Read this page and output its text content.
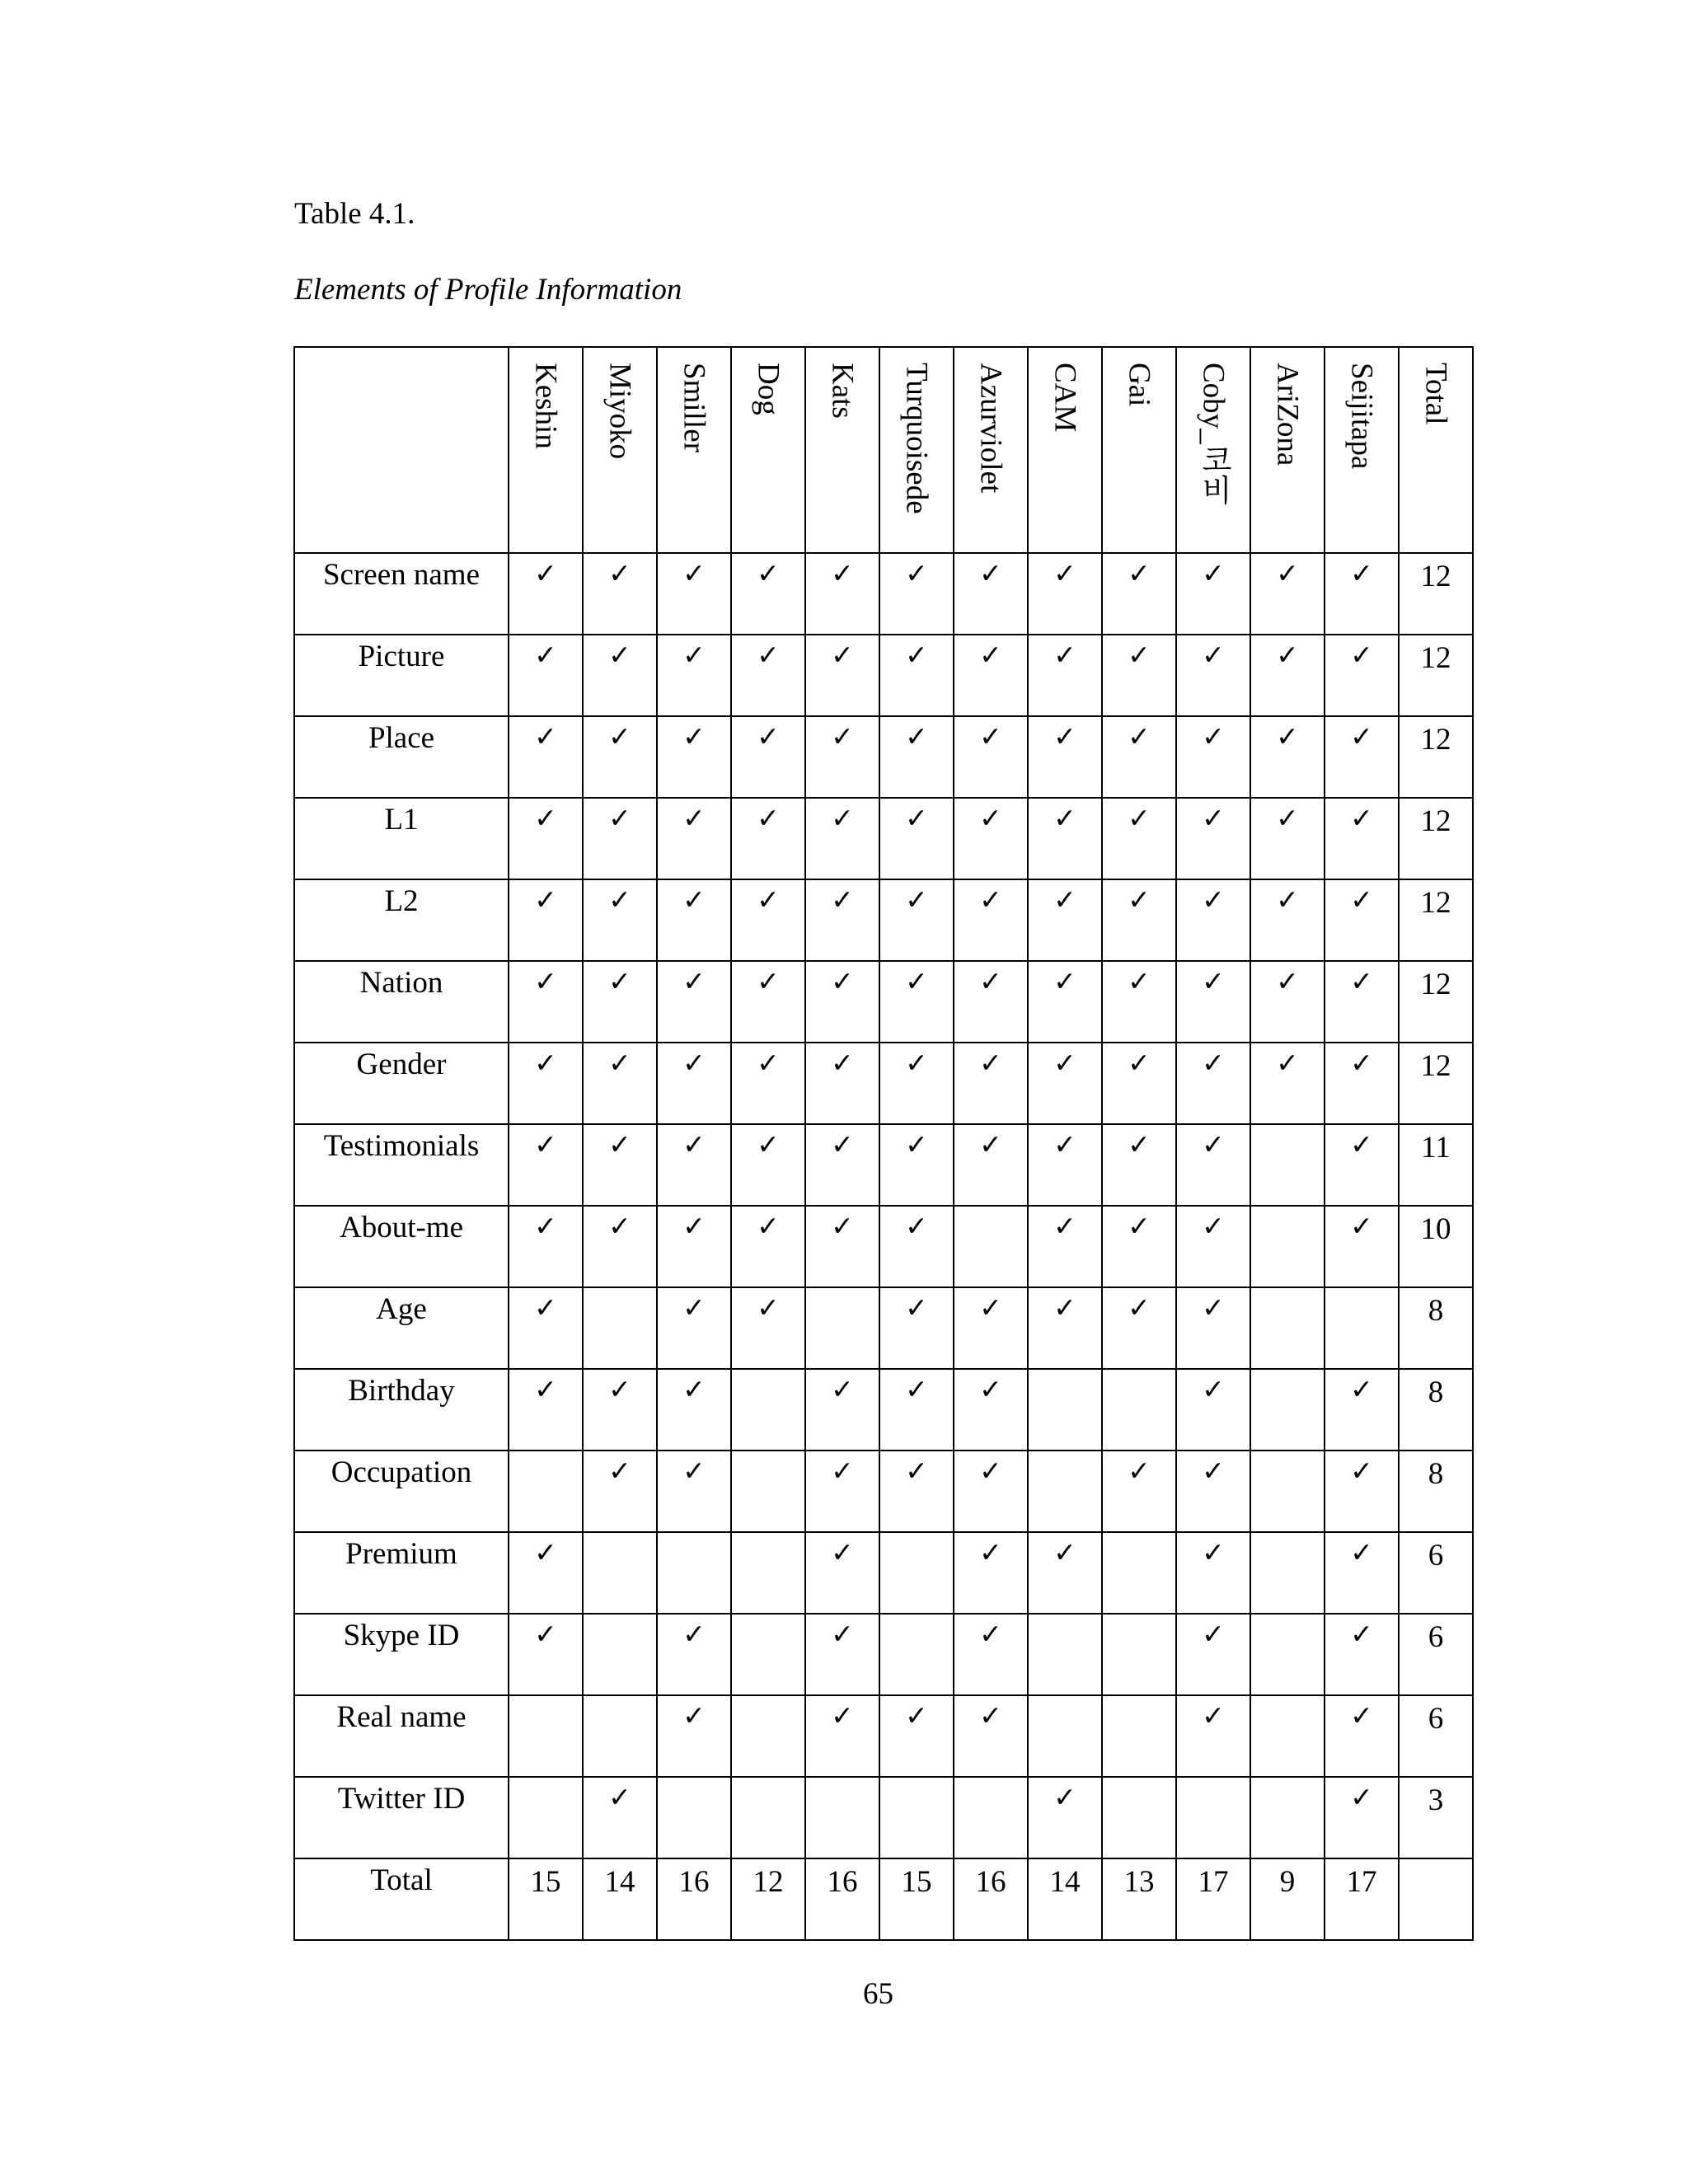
Table 4.1.
Elements of Profile Information

	Keshin	Miyoko	Smiller	Dog	Kats	Turquoisede	Azurviolet	CAM	Gai	Coby_코비	AriZona	Seijitapa	Total

Screen name	✓	✓	✓	✓	✓	✓	✓	✓	✓	✓	✓	✓	12
Picture	✓	✓	✓	✓	✓	✓	✓	✓	✓	✓	✓	✓	12
Place	✓	✓	✓	✓	✓	✓	✓	✓	✓	✓	✓	✓	12
L1	✓	✓	✓	✓	✓	✓	✓	✓	✓	✓	✓	✓	12
L2	✓	✓	✓	✓	✓	✓	✓	✓	✓	✓	✓	✓	12
Nation	✓	✓	✓	✓	✓	✓	✓	✓	✓	✓	✓	✓	12
Gender	✓	✓	✓	✓	✓	✓	✓	✓	✓	✓	✓	✓	12
Testimonials	✓	✓	✓	✓	✓	✓	✓	✓	✓	✓		✓	11
About-me	✓	✓	✓	✓	✓	✓		✓	✓	✓		✓	10
Age	✓		✓	✓		✓	✓	✓	✓	✓			8
Birthday	✓	✓	✓		✓	✓	✓			✓		✓	8
Occupation		✓	✓		✓	✓	✓		✓	✓		✓	8
Premium	✓				✓		✓	✓		✓		✓	6
Skype ID	✓		✓		✓		✓			✓		✓	6
Real name			✓		✓	✓	✓			✓		✓	6
Twitter ID		✓						✓				✓	3
Total	15	14	16	12	16	15	16	14	13	17	9	17	
65
